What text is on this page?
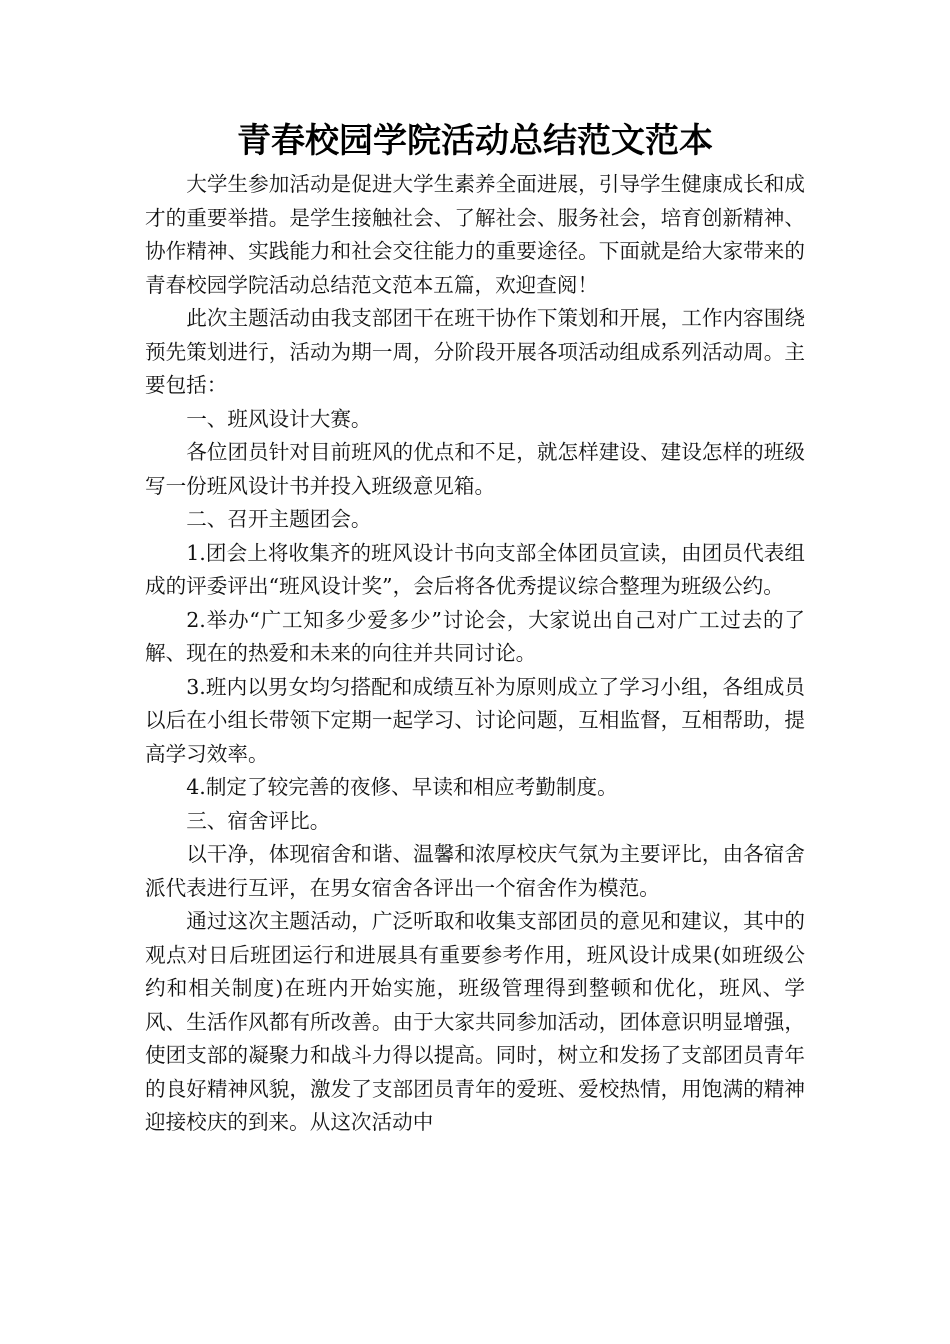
青春校园学院活动总结范文范本

大学生参加活动是促进大学生素养全面进展，引导学生健康成长和成才的重要举措。是学生接触社会、了解社会、服务社会，培育创新精神、协作精神、实践能力和社会交往能力的重要途径。下面就是给大家带来的青春校园学院活动总结范文范本五篇，欢迎查阅！

此次主题活动由我支部团干在班干协作下策划和开展，工作内容围绕预先策划进行，活动为期一周，分阶段开展各项活动组成系列活动周。主要包括：

一、班风设计大赛。

各位团员针对目前班风的优点和不足，就怎样建设、建设怎样的班级写一份班风设计书并投入班级意见箱。

二、召开主题团会。

1.团会上将收集齐的班风设计书向支部全体团员宣读，由团员代表组成的评委评出“班风设计奖”，会后将各优秀提议综合整理为班级公约。

2.举办“广工知多少爱多少”讨论会，大家说出自己对广工过去的了解、现在的热爱和未来的向往并共同讨论。

3.班内以男女均匀搭配和成绩互补为原则成立了学习小组，各组成员以后在小组长带领下定期一起学习、讨论问题，互相监督，互相帮助，提高学习效率。

4.制定了较完善的夜修、早读和相应考勤制度。

三、宿舍评比。

以干净，体现宿舍和谐、温馨和浓厚校庆气氛为主要评比，由各宿舍派代表进行互评，在男女宿舍各评出一个宿舍作为模范。

通过这次主题活动，广泛听取和收集支部团员的意见和建议，其中的观点对日后班团运行和进展具有重要参考作用，班风设计成果(如班级公约和相关制度)在班内开始实施，班级管理得到整顿和优化，班风、学风、生活作风都有所改善。由于大家共同参加活动，团体意识明显增强，使团支部的凝聚力和战斗力得以提高。同时，树立和发扬了支部团员青年的良好精神风貌，激发了支部团员青年的爱班、爱校热情，用饱满的精神迎接校庆的到来。从这次活动中
